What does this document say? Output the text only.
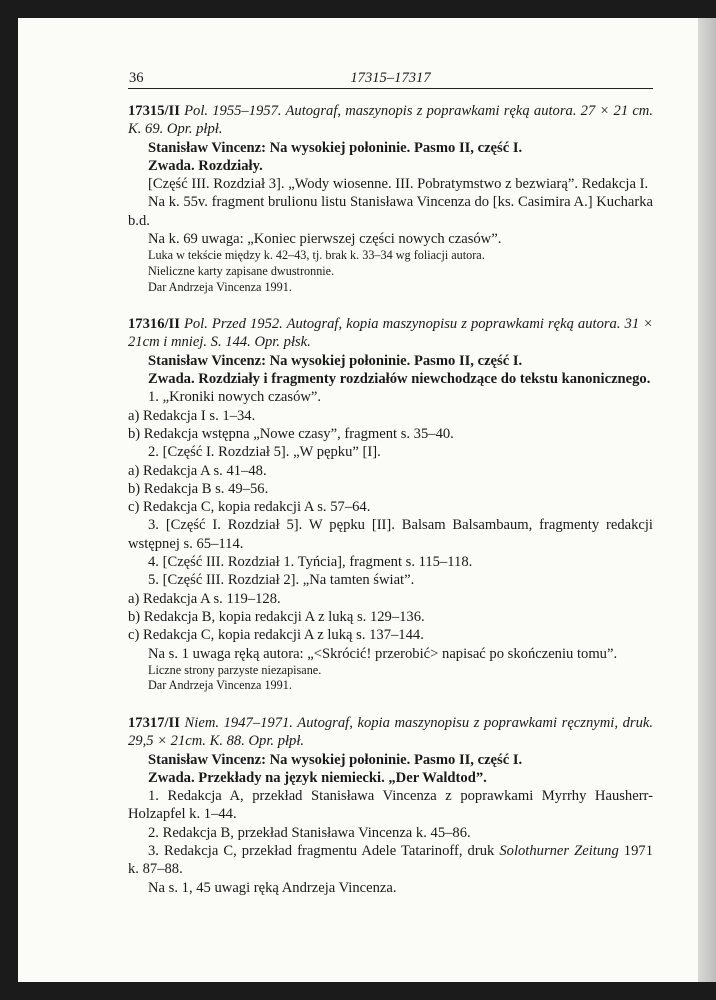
36	17315–17317

17315/II Pol. 1955–1957. Autograf, maszynopis z poprawkami ręką autora. 27 × 21 cm. K. 69. Opr. płpł.

Stanisław Vincenz: Na wysokiej połoninie. Pasmo II, część I.

Zwada. Rozdziały.

[Część III. Rozdział 3]. „Wody wiosenne. III. Pobratymstwo z bezwiarą”. Redakcja I.

Na k. 55v. fragment brulionu listu Stanisława Vincenza do [ks. Casimira A.] Kucharka b.d.

Na k. 69 uwaga: „Koniec pierwszej części nowych czasów”.

Luka w tekście między k. 42–43, tj. brak k. 33–34 wg foliacji autora.

Nieliczne karty zapisane dwustronnie.

Dar Andrzeja Vincenza 1991.

17316/II Pol. Przed 1952. Autograf, kopia maszynopisu z poprawkami ręką autora. 31 × 21cm i mniej. S. 144. Opr. płsk.

Stanisław Vincenz: Na wysokiej połoninie. Pasmo II, część I.

Zwada. Rozdziały i fragmenty rozdziałów niewchodzące do tekstu kanonicznego.

1. „Kroniki nowych czasów”.

a) Redakcja I s. 1–34.

b) Redakcja wstępna „Nowe czasy”, fragment s. 35–40.

2. [Część I. Rozdział 5]. „W pępku” [I].

a) Redakcja A s. 41–48.

b) Redakcja B s. 49–56.

c) Redakcja C, kopia redakcji A s. 57–64.

3. [Część I. Rozdział 5]. W pępku [II]. Balsam Balsambaum, fragmenty redakcji wstępnej s. 65–114.

4. [Część III. Rozdział 1. Tyńcia], fragment s. 115–118.

5. [Część III. Rozdział 2]. „Na tamten świat”.

a) Redakcja A s. 119–128.

b) Redakcja B, kopia redakcji A z luką s. 129–136.

c) Redakcja C, kopia redakcji A z luką s. 137–144.

Na s. 1 uwaga ręką autora: „<Skrócić! przerobić> napisać po skończeniu tomu”.

Liczne strony parzyste niezapisane.

Dar Andrzeja Vincenza 1991.

17317/II Niem. 1947–1971. Autograf, kopia maszynopisu z poprawkami ręcznymi, druk. 29,5 × 21cm. K. 88. Opr. płpł.

Stanisław Vincenz: Na wysokiej połoninie. Pasmo II, część I.

Zwada. Przekłady na język niemiecki. „Der Waldtod”.

1. Redakcja A, przekład Stanisława Vincenza z poprawkami Myrrhy Hausherr-Holzapfel k. 1–44.

2. Redakcja B, przekład Stanisława Vincenza k. 45–86.

3. Redakcja C, przekład fragmentu Adele Tatarinoff, druk Solothurner Zeitung 1971 k. 87–88.

Na s. 1, 45 uwagi ręką Andrzeja Vincenza.
